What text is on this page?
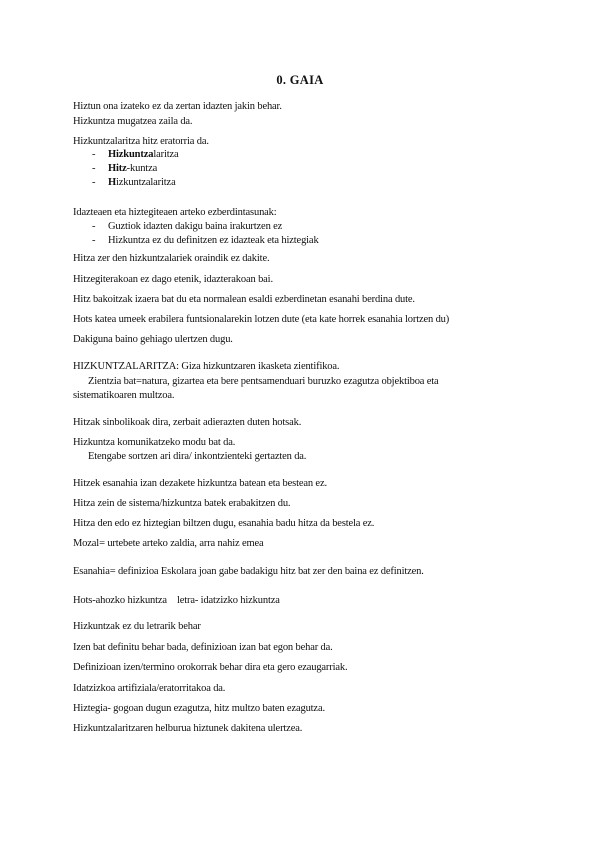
0. GAIA
Hiztun ona izateko ez da zertan idazten jakin behar.
Hizkuntza mugatzea zaila da.
Hizkuntzalaritza hitz eratorria da.
- Hizkuntzalaritza
- Hitz-kuntza
- Hizkuntzalaritza
Idazteaen eta hiztegiteaen arteko ezberdintasunak:
- Guztiok idazten dakigu baina irakurtzen ez
- Hizkuntza ez du definitzen ez idazteak eta hiztegiak
Hitza zer den hizkuntzalariek oraindik ez dakite.
Hitzegiterakoan ez dago etenik, idazterakoan bai.
Hitz bakoitzak izaera bat du eta normalean esaldi ezberdinetan esanahi berdina dute.
Hots katea umeek erabilera funtsionalarekin lotzen dute (eta kate horrek esanahia lortzen du)
Dakiguna baino gehiago ulertzen dugu.
HIZKUNTZALARITZA: Giza hizkuntzaren ikasketa zientifikoa.
Zientzia bat=natura, gizartea eta bere pentsamenduari buruzko ezagutza objektiboa eta
sistematikoaren multzoa.
Hitzak sinbolikoak dira, zerbait adierazten duten hotsak.
Hizkuntza komunikatzeko modu bat da.
Etengabe sortzen ari dira/ inkontzienteki gertazten da.
Hitzek esanahia izan dezakete hizkuntza batean eta bestean ez.
Hitza zein de sistema/hizkuntza batek erabakitzen du.
Hitza den edo ez hiztegian biltzen dugu, esanahia badu hitza da bestela ez.
Mozal= urtebete arteko zaldia, arra nahiz emea
Esanahia= definizioa Eskolara joan gabe badakigu hitz bat zer den baina ez definitzen.
Hots-ahozko hizkuntza letra- idatzizko hizkuntza
Hizkuntzak ez du letrarik behar
Izen bat definitu behar bada, definizioan izan bat egon behar da.
Definizioan izen/termino orokorrak behar dira eta gero ezaugarriak.
Idatzizkoa artifiziala/eratorritakoa da.
Hiztegia- gogoan dugun ezagutza, hitz multzo baten ezagutza.
Hizkuntzalaritzaren helburua hiztunek dakitena ulertzea.
